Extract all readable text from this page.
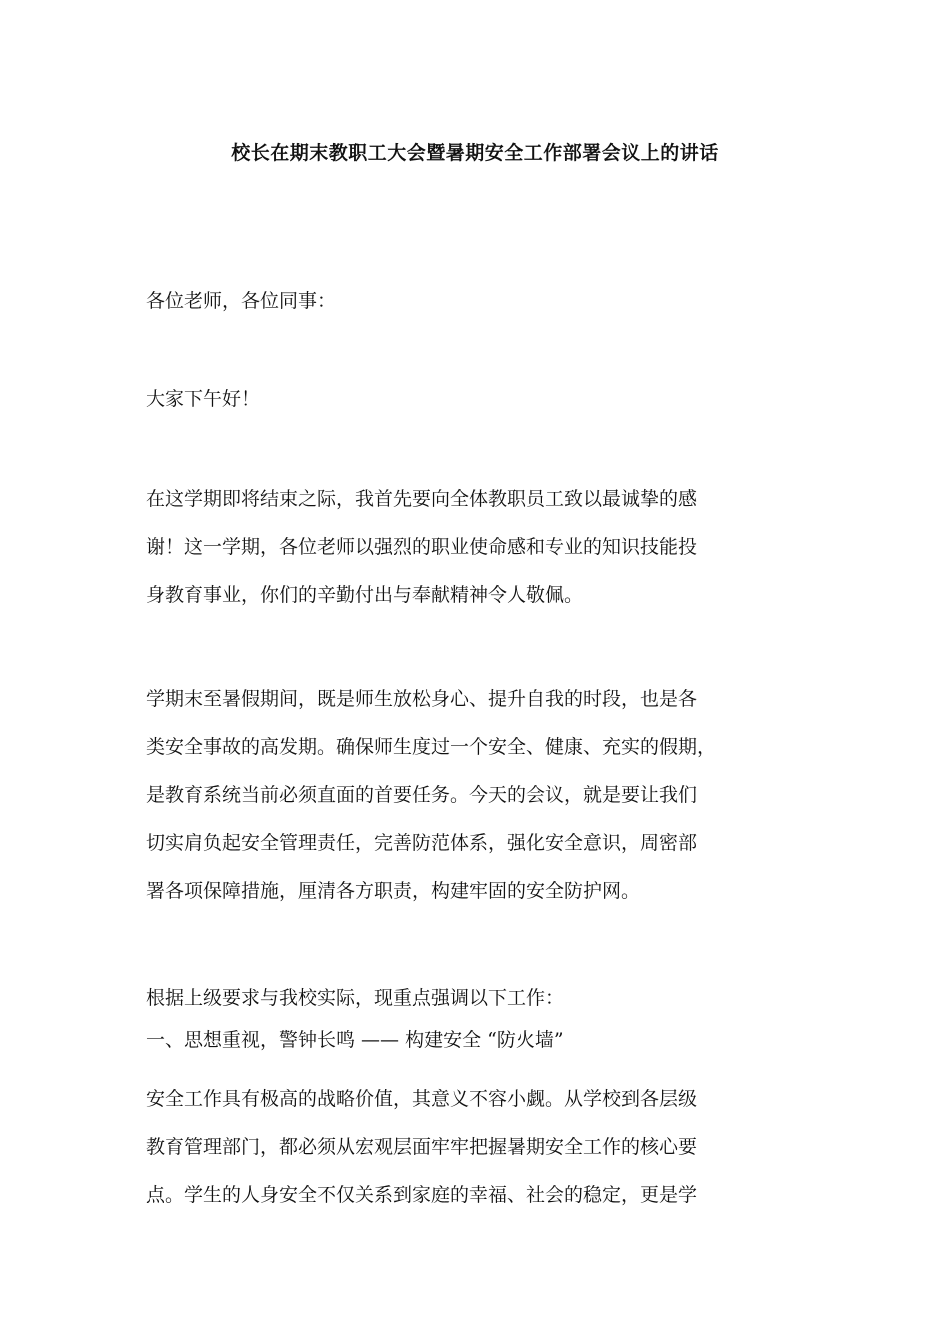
校长在期末教职工大会暨暑期安全工作部署会议上的讲话
各位老师，各位同事：
大家下午好！
在这学期即将结束之际，我首先要向全体教职员工致以最诚挚的感
谢！这一学期，各位老师以强烈的职业使命感和专业的知识技能投
身教育事业，你们的辛勤付出与奉献精神令人敬佩。
学期末至暑假期间，既是师生放松身心、提升自我的时段，也是各
类安全事故的高发期。确保师生度过一个安全、健康、充实的假期，
是教育系统当前必须直面的首要任务。今天的会议，就是要让我们
切实肩负起安全管理责任，完善防范体系，强化安全意识，周密部
署各项保障措施，厘清各方职责，构建牢固的安全防护网。
根据上级要求与我校实际，现重点强调以下工作：
一、思想重视，警钟长鸣 —— 构建安全 “防火墙”
安全工作具有极高的战略价值，其意义不容小觑。从学校到各层级
教育管理部门，都必须从宏观层面牢牢把握暑期安全工作的核心要
点。学生的人身安全不仅关系到家庭的幸福、社会的稳定，更是学
